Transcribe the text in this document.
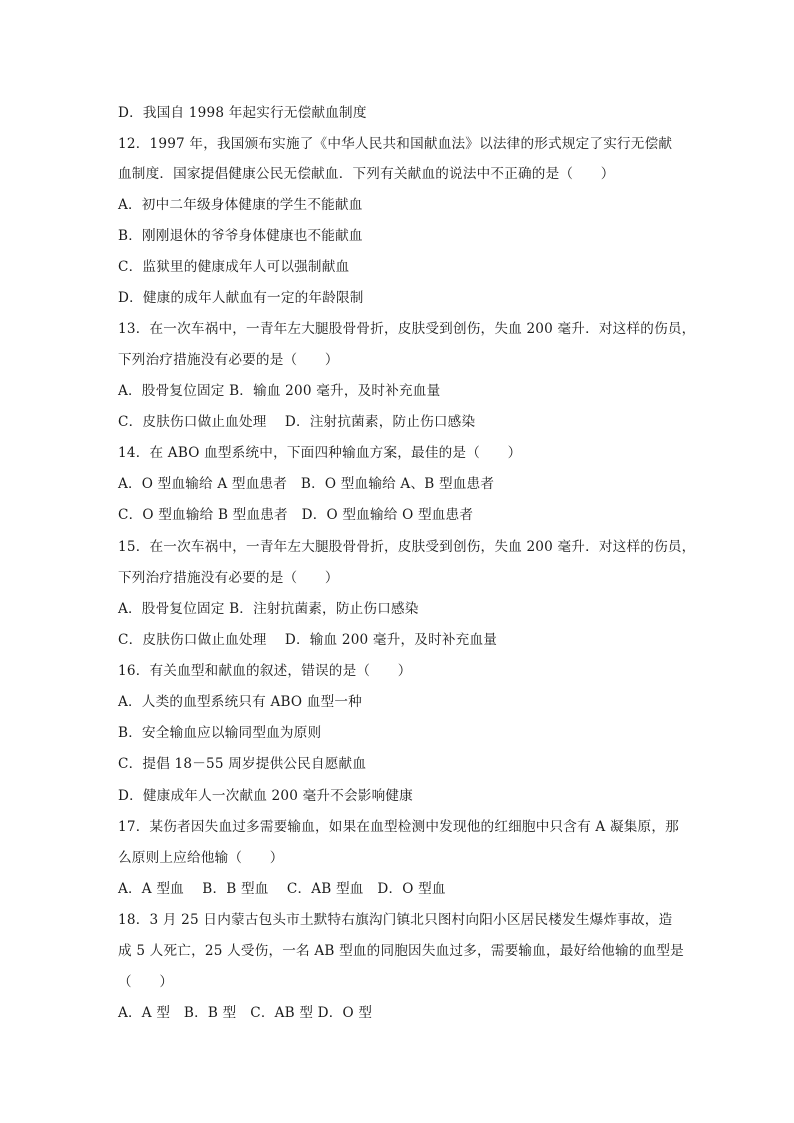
D．我国自 1998 年起实行无偿献血制度
12．1997 年，我国颁布实施了《中华人民共和国献血法》以法律的形式规定了实行无偿献
血制度．国家提倡健康公民无偿献血．下列有关献血的说法中不正确的是（　　）
A．初中二年级身体健康的学生不能献血
B．刚刚退休的爷爷身体健康也不能献血
C．监狱里的健康成年人可以强制献血
D．健康的成年人献血有一定的年龄限制
13．在一次车祸中，一青年左大腿股骨骨折，皮肤受到创伤，失血 200 毫升．对这样的伤员，
下列治疗措施没有必要的是（　　）
A．股骨复位固定 B．输血 200 毫升，及时补充血量
C．皮肤伤口做止血处理　 D．注射抗菌素，防止伤口感染
14．在 ABO 血型系统中，下面四种输血方案，最佳的是（　　）
A．O 型血输给 A 型血患者　B．O 型血输给 A、B 型血患者
C．O 型血输给 B 型血患者　D．O 型血输给 O 型血患者
15．在一次车祸中，一青年左大腿股骨骨折，皮肤受到创伤，失血 200 毫升．对这样的伤员，
下列治疗措施没有必要的是（　　）
A．股骨复位固定 B．注射抗菌素，防止伤口感染
C．皮肤伤口做止血处理　 D．输血 200 毫升，及时补充血量
16．有关血型和献血的叙述，错误的是（　　）
A．人类的血型系统只有 ABO 血型一种
B．安全输血应以输同型血为原则
C．提倡 18－55 周岁提供公民自愿献血
D．健康成年人一次献血 200 毫升不会影响健康
17．某伤者因失血过多需要输血，如果在血型检测中发现他的红细胞中只含有 A 凝集原，那
么原则上应给他输（　　）
A．A 型血　 B．B 型血　 C．AB 型血　D．O 型血
18．3 月 25 日内蒙古包头市土默特右旗沟门镇北只图村向阳小区居民楼发生爆炸事故，造
成 5 人死亡，25 人受伤，一名 AB 型血的同胞因失血过多，需要输血，最好给他输的血型是
（　　）
A．A 型　B．B 型　C．AB 型 D．O 型
